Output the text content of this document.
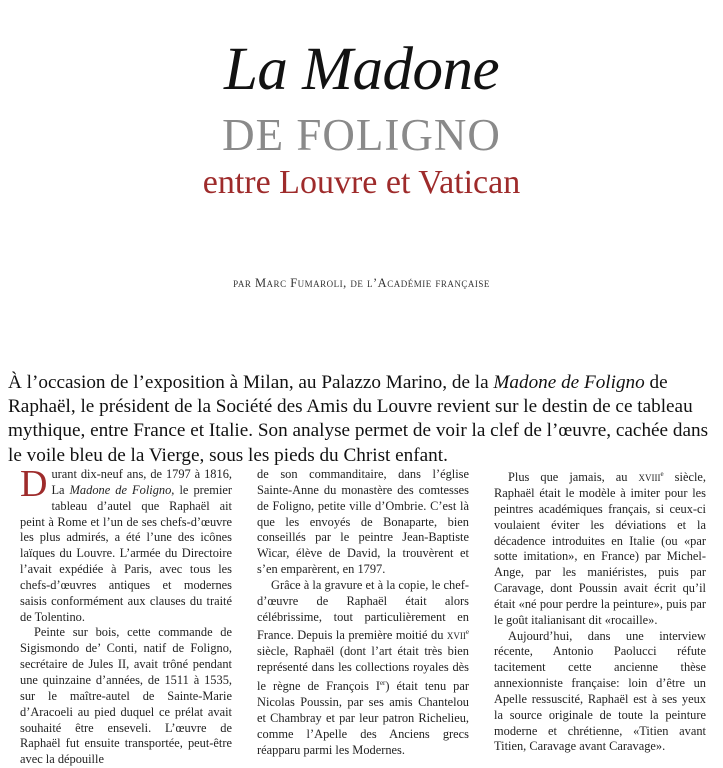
La Madone
DE FOLIGNO
entre Louvre et Vatican
par Marc Fumaroli, de l’Académie française

À l’occasion de l’exposition à Milan, au Palazzo Marino, de la Madone de Foligno de Raphaël, le président de la Société des Amis du Louvre revient sur le destin de ce tableau mythique, entre France et Italie. Son analyse permet de voir la clef de l’œuvre, cachée dans le voile bleu de la Vierge, sous les pieds du Christ enfant.

Durant dix-neuf ans, de 1797 à 1816, La Madone de Foligno, le premier tableau d’autel que Raphaël ait peint à Rome et l’un de ses chefs-d’œuvre les plus admirés, a été l’une des icônes laïques du Louvre. L’armée du Directoire l’avait expédiée à Paris, avec tous les chefs-d’œuvres antiques et modernes saisis conformément aux clauses du traité de Tolentino.

Peinte sur bois, cette commande de Sigismondo de’ Conti, natif de Foligno, secrétaire de Jules II, avait trôné pendant une quinzaine d’années, de 1511 à 1535, sur le maître-autel de Sainte-Marie d’Aracoeli au pied duquel ce prélat avait souhaité être enseveli. L’œuvre de Raphaël fut ensuite transportée, peut-être avec la dépouille

de son commanditaire, dans l’église Sainte-Anne du monastère des comtesses de Foligno, petite ville d’Ombrie. C’est là que les envoyés de Bonaparte, bien conseillés par le peintre Jean-Baptiste Wicar, élève de David, la trouvèrent et s’en emparèrent, en 1797.

Grâce à la gravure et à la copie, le chef-d’œuvre de Raphaël était alors célébrissime, tout particulièrement en France. Depuis la première moitié du xvii$^e$ siècle, Raphaël (dont l’art était très bien représenté dans les collections royales dès le règne de François Ier) était tenu par Nicolas Poussin, par ses amis Chantelou et Chambray et par leur patron Richelieu, comme l’Apelle des Anciens grecs réapparu parmi les Modernes.

Plus que jamais, au xviii$^e$ siècle, Raphaël était le modèle à imiter pour les peintres académiques français, si ceux-ci voulaient éviter les déviations et la décadence introduites en Italie (ou «par sotte imitation», en France) par Michel-Ange, par les maniéristes, puis par Caravage, dont Poussin avait écrit qu’il était «né pour perdre la peinture», puis par le goût italianisant dit «rocaille».

Aujourd’hui, dans une interview récente, Antonio Paolucci réfute tacitement cette ancienne thèse annexionniste française: loin d’être un Apelle ressuscité, Raphaël est à ses yeux la source originale de toute la peinture moderne et chrétienne, «Titien avant Titien, Caravage avant Caravage».
